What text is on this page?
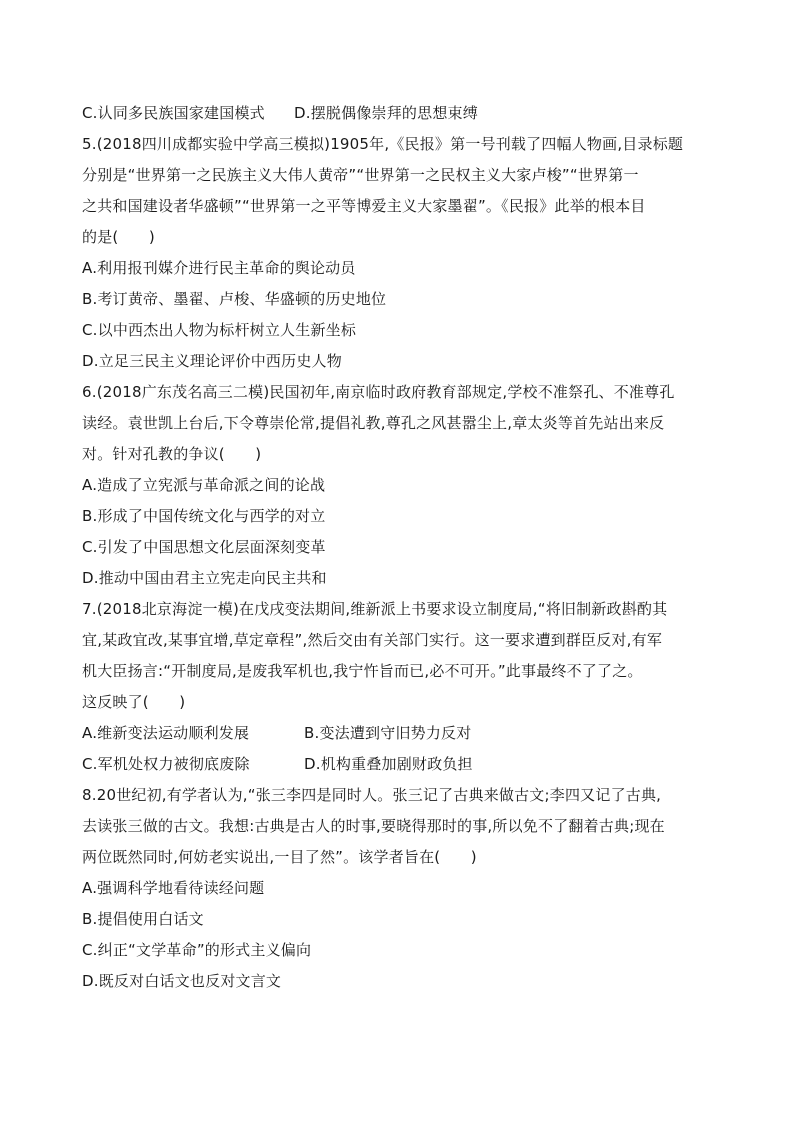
C.认同多民族国家建国模式	D.摆脱偶像崇拜的思想束缚
5.(2018四川成都实验中学高三模拟)1905年,《民报》第一号刊载了四幅人物画,目录标题
分别是“世界第一之民族主义大伟人黄帝”“世界第一之民权主义大家卢梭”“世界第一
之共和国建设者华盛顿”“世界第一之平等博爱主义大家墨翟”。《民报》此举的根本目
的是(　　)
A.利用报刊媒介进行民主革命的舆论动员
B.考订黄帝、墨翟、卢梭、华盛顿的历史地位
C.以中西杰出人物为标杆树立人生新坐标
D.立足三民主义理论评价中西历史人物
6.(2018广东茂名高三二模)民国初年,南京临时政府教育部规定,学校不准祭孔、不准尊孔
读经。袁世凯上台后,下令尊崇伦常,提倡礼教,尊孔之风甚嚣尘上,章太炎等首先站出来反
对。针对孔教的争议(　　)
A.造成了立宪派与革命派之间的论战
B.形成了中国传统文化与西学的对立
C.引发了中国思想文化层面深刻变革
D.推动中国由君主立宪走向民主共和
7.(2018北京海淀一模)在戊戌变法期间,维新派上书要求设立制度局,“将旧制新政斟酌其
宜,某政宜改,某事宜增,草定章程”,然后交由有关部门实行。这一要求遭到群臣反对,有军
机大臣扬言:“开制度局,是废我军机也,我宁忤旨而已,必不可开。”此事最终不了了之。
这反映了(　　)
A.维新变法运动顺利发展	B.变法遭到守旧势力反对
C.军机处权力被彻底废除	D.机构重叠加剧财政负担
8.20世纪初,有学者认为,“张三李四是同时人。张三记了古典来做古文;李四又记了古典,
去读张三做的古文。我想:古典是古人的时事,要晓得那时的事,所以免不了翻着古典;现在
两位既然同时,何妨老实说出,一目了然”。该学者旨在(　　)
A.强调科学地看待读经问题
B.提倡使用白话文
C.纠正“文学革命”的形式主义偏向
D.既反对白话文也反对文言文
